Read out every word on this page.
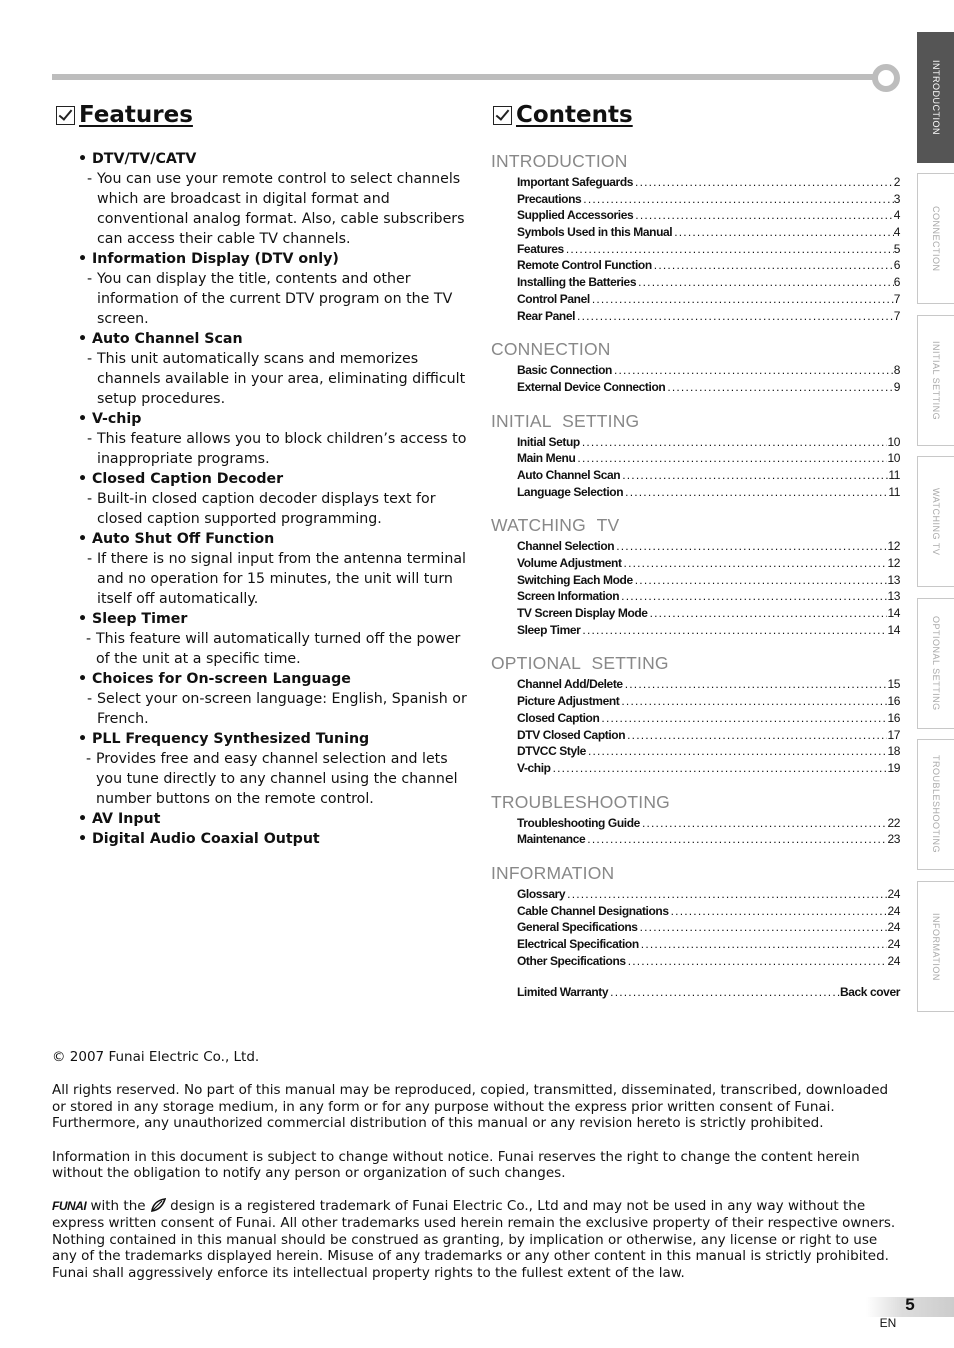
INTRODUCTION
CONNECTION
INITIAL SETTING
WATCHING TV
OPTIONAL SETTING
TROUBLESHOOTING
INFORMATION
Features	Contents
• DTV/TV/CATV
- You can use your remote control to select channels which are broadcast in digital format and conventional analog format. Also, cable subscribers can access their cable TV channels.
• Information Display (DTV only)
- You can display the title, contents and other information of the current DTV program on the TV screen.
• Auto Channel Scan
- This unit automatically scans and memorizes channels available in your area, eliminating difficult setup procedures.
• V-chip
- This feature allows you to block children’s access to inappropriate programs.
• Closed Caption Decoder
- Built-in closed caption decoder displays text for closed caption supported programming.
• Auto Shut Off Function
- If there is no signal input from the antenna terminal and no operation for 15 minutes, the unit will turn itself off automatically.
• Sleep Timer
- This feature will automatically turned off the power of the unit at a specific time.
• Choices for On-screen Language
- Select your on-screen language: English, Spanish or French.
• PLL Frequency Synthesized Tuning
- Provides free and easy channel selection and lets you tune directly to any channel using the channel number buttons on the remote control.
• AV Input
• Digital Audio Coaxial Output
INTRODUCTION
Important Safeguards .....	2
Precautions .....	3
Supplied Accessories .....	4
Symbols Used in this Manual .....	4
Features .....	5
Remote Control Function .....	6
Installing the Batteries .....	6
Control Panel .....	7
Rear Panel .....	7
CONNECTION
Basic Connection .....	8
External Device Connection .....	9
INITIAL SETTING
Initial Setup .....	10
Main Menu .....	10
Auto Channel Scan .....	11
Language Selection .....	11
WATCHING TV
Channel Selection .....	12
Volume Adjustment .....	12
Switching Each Mode .....	13
Screen Information .....	13
TV Screen Display Mode .....	14
Sleep Timer .....	14
OPTIONAL SETTING
Channel Add/Delete .....	15
Picture Adjustment .....	16
Closed Caption .....	16
DTV Closed Caption .....	17
DTVCC Style .....	18
V-chip .....	19
TROUBLESHOOTING
Troubleshooting Guide .....	22
Maintenance .....	23
INFORMATION
Glossary .....	24
Cable Channel Designations .....	24
General Specifications .....	24
Electrical Specification .....	24
Other Specifications .....	24
Limited Warranty .....	Back cover

© 2007 Funai Electric Co., Ltd.

All rights reserved. No part of this manual may be reproduced, copied, transmitted, disseminated, transcribed, downloaded or stored in any storage medium, in any form or for any purpose without the express prior written consent of Funai. Furthermore, any unauthorized commercial distribution of this manual or any revision hereto is strictly prohibited.

Information in this document is subject to change without notice. Funai reserves the right to change the content herein without the obligation to notify any person or organization of such changes.

FUNAI with the  design is a registered trademark of Funai Electric Co., Ltd and may not be used in any way without the express written consent of Funai. All other trademarks used herein remain the exclusive property of their respective owners. Nothing contained in this manual should be construed as granting, by implication or otherwise, any license or right to use any of the trademarks displayed herein. Misuse of any trademarks or any other content in this manual is strictly prohibited. Funai shall aggressively enforce its intellectual property rights to the fullest extent of the law.

5
EN
